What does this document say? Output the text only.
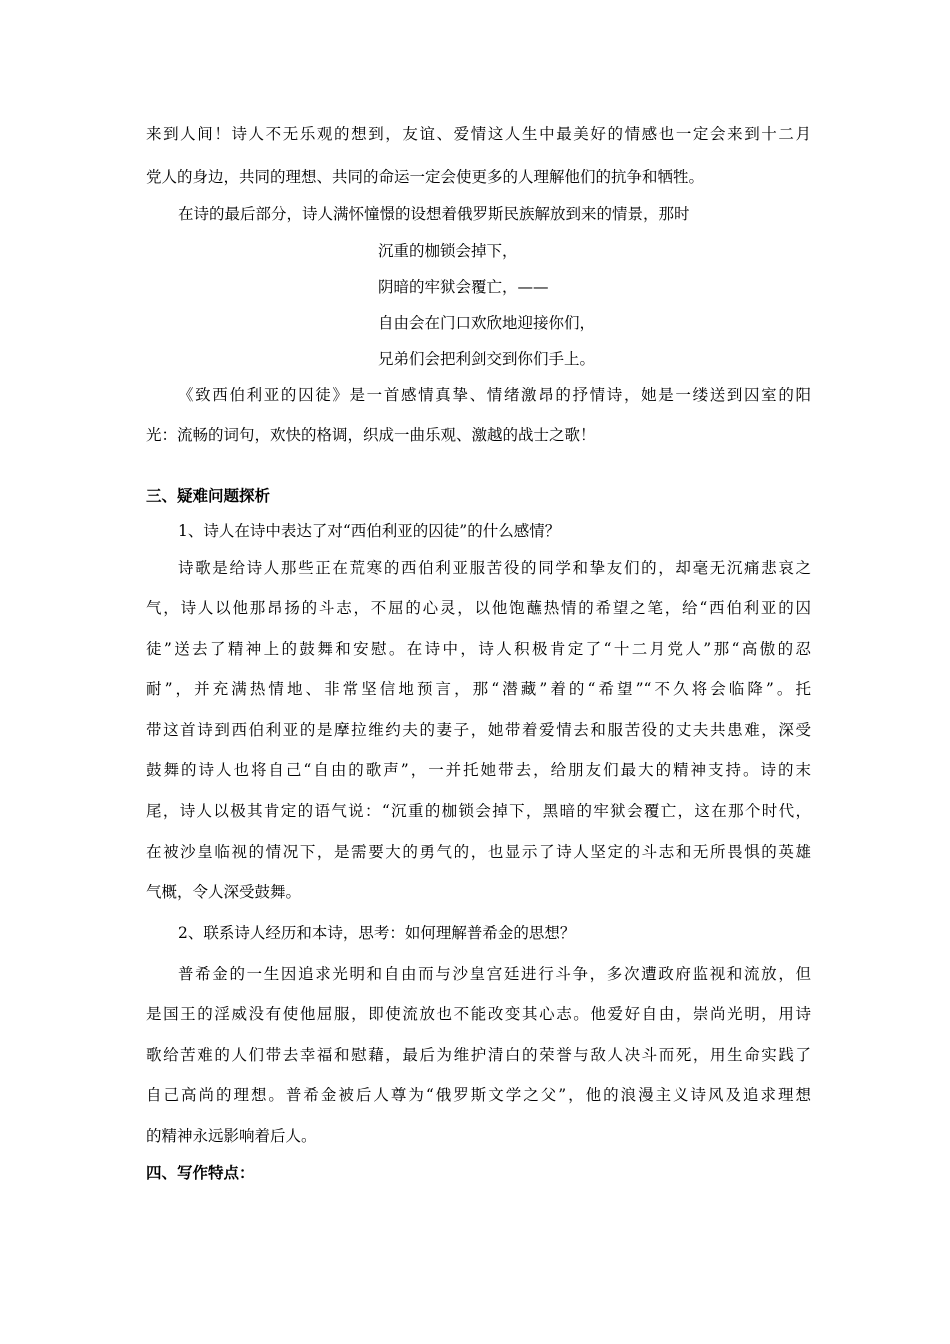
来到人间！诗人不无乐观的想到，友谊、爱情这人生中最美好的情感也一定会来到十二月
党人的身边，共同的理想、共同的命运一定会使更多的人理解他们的抗争和牺牲。
在诗的最后部分，诗人满怀憧憬的设想着俄罗斯民族解放到来的情景，那时
沉重的枷锁会掉下，
阴暗的牢狱会覆亡，——
自由会在门口欢欣地迎接你们，
兄弟们会把利剑交到你们手上。
《致西伯利亚的囚徒》是一首感情真挚、情绪激昂的抒情诗，她是一缕送到囚室的阳
光：流畅的词句，欢快的格调，织成一曲乐观、激越的战士之歌！
三、疑难问题探析
1、诗人在诗中表达了对“西伯利亚的囚徒”的什么感情？
诗歌是给诗人那些正在荒寒的西伯利亚服苦役的同学和挚友们的，却毫无沉痛悲哀之
气，诗人以他那昂扬的斗志，不屈的心灵，以他饱蘸热情的希望之笔，给“西伯利亚的囚
徒”送去了精神上的鼓舞和安慰。在诗中，诗人积极肯定了“十二月党人”那“高傲的忍
耐”，并充满热情地、非常坚信地预言，那“潜藏”着的“希望”“不久将会临降”。托
带这首诗到西伯利亚的是摩拉维约夫的妻子，她带着爱情去和服苦役的丈夫共患难，深受
鼓舞的诗人也将自己“自由的歌声”，一并托她带去，给朋友们最大的精神支持。诗的末
尾，诗人以极其肯定的语气说：“沉重的枷锁会掉下，黑暗的牢狱会覆亡，这在那个时代，
在被沙皇临视的情况下，是需要大的勇气的，也显示了诗人坚定的斗志和无所畏惧的英雄
气概，令人深受鼓舞。
2、联系诗人经历和本诗，思考：如何理解普希金的思想？
普希金的一生因追求光明和自由而与沙皇宫廷进行斗争，多次遭政府监视和流放，但
是国王的淫威没有使他屈服，即使流放也不能改变其心志。他爱好自由，崇尚光明，用诗
歌给苦难的人们带去幸福和慰藉，最后为维护清白的荣誉与敌人决斗而死，用生命实践了
自己高尚的理想。普希金被后人尊为“俄罗斯文学之父”，他的浪漫主义诗风及追求理想
的精神永远影响着后人。
四、写作特点：
